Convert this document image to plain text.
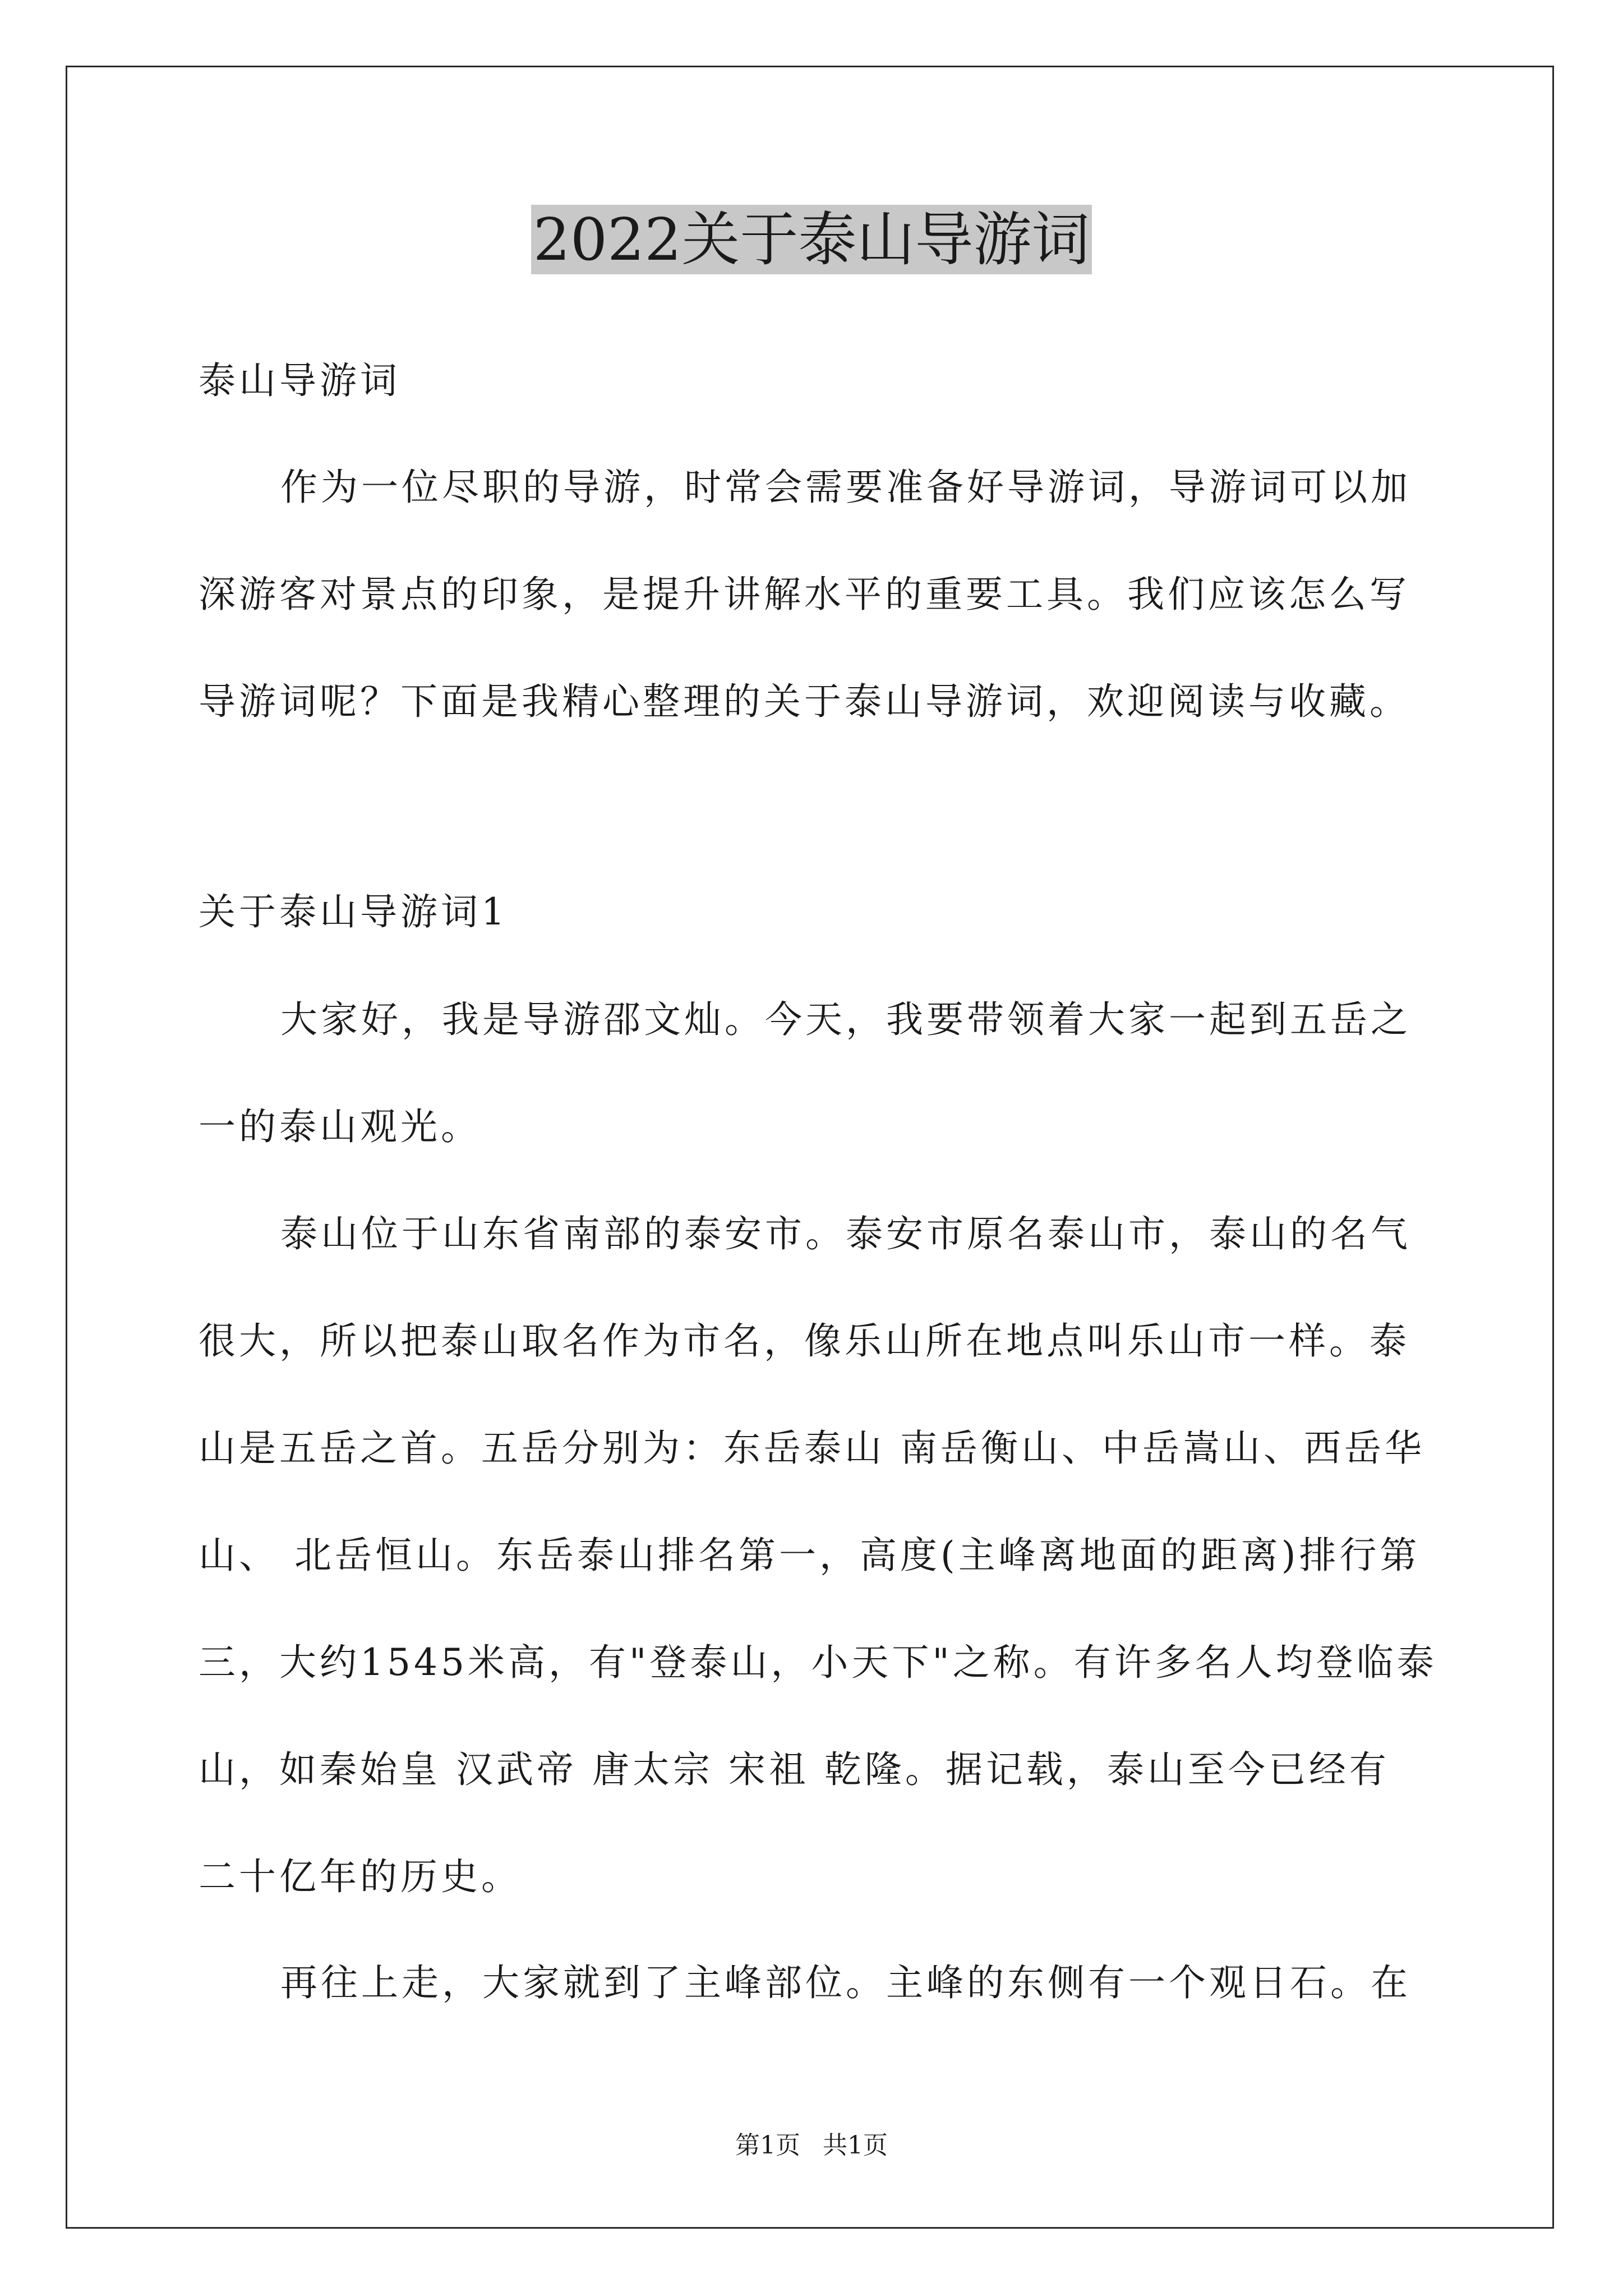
2022关于泰山导游词
泰山导游词
作为一位尽职的导游，时常会需要准备好导游词，导游词可以加
深游客对景点的印象，是提升讲解水平的重要工具。我们应该怎么写
导游词呢？下面是我精心整理的关于泰山导游词，欢迎阅读与收藏。
关于泰山导游词1
大家好，我是导游邵文灿。今天，我要带领着大家一起到五岳之
一的泰山观光。
泰山位于山东省南部的泰安市。泰安市原名泰山市，泰山的名气
很大，所以把泰山取名作为市名，像乐山所在地点叫乐山市一样。泰
山是五岳之首。五岳分别为：东岳泰山 南岳衡山、中岳嵩山、西岳华
山、 北岳恒山。东岳泰山排名第一，高度(主峰离地面的距离)排行第
三，大约1545米高，有"登泰山，小天下"之称。有许多名人均登临泰
山，如秦始皇 汉武帝 唐太宗 宋祖 乾隆。据记载，泰山至今已经有
二十亿年的历史。
再往上走，大家就到了主峰部位。主峰的东侧有一个观日石。在
第1页 共1页
